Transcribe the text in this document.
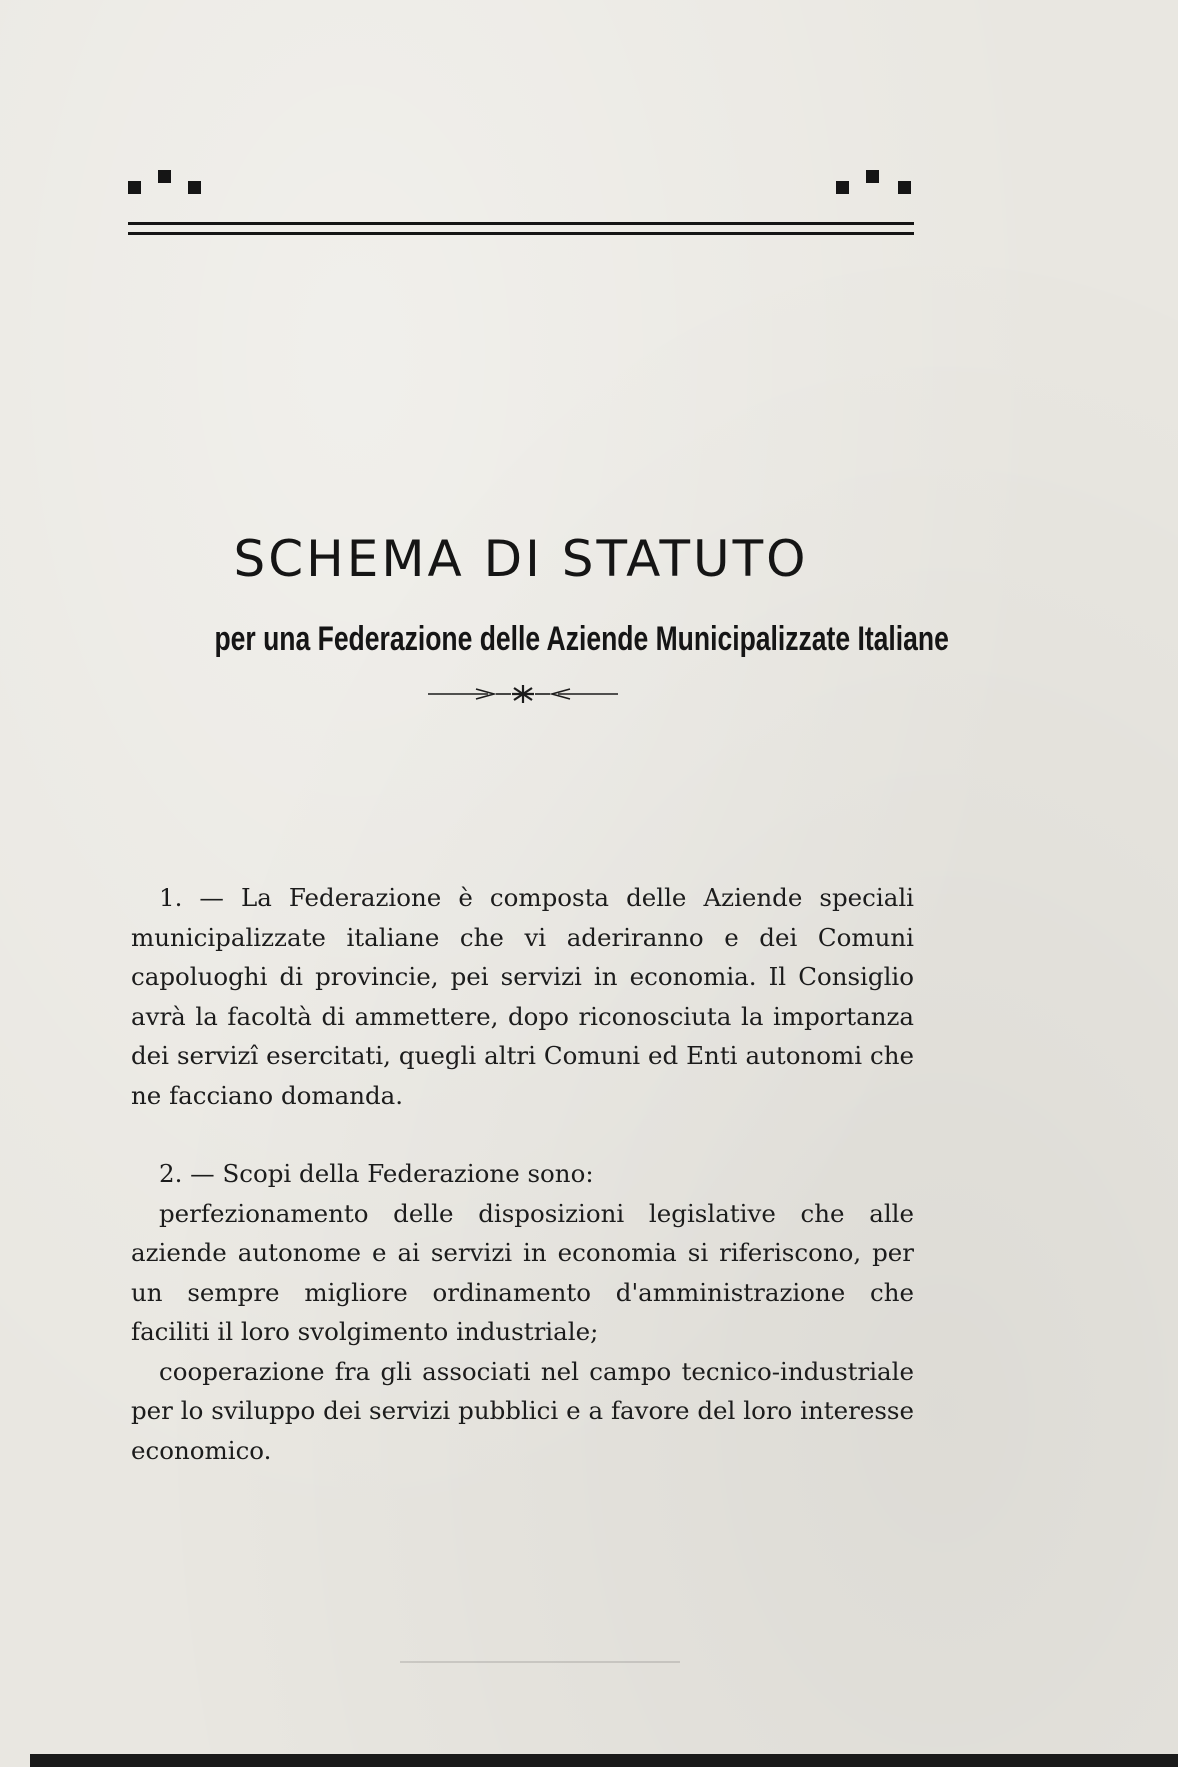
SCHEMA DI STATUTO
per una Federazione delle Aziende Municipalizzate Italiane

1. — La Federazione è composta delle Aziende speciali municipalizzate italiane che vi aderiranno e dei Comuni capoluoghi di provincie, pei servizi in economia. Il Consiglio avrà la facoltà di ammettere, dopo riconosciuta la importanza dei servizî esercitati, quegli altri Comuni ed Enti autonomi che ne facciano domanda.

2. — Scopi della Federazione sono:

perfezionamento delle disposizioni legislative che alle aziende autonome e ai servizi in economia si riferiscono, per un sempre migliore ordinamento d'amministrazione che faciliti il loro svolgimento industriale;

cooperazione fra gli associati nel campo tecnico-industriale per lo sviluppo dei servizi pubblici e a favore del loro interesse economico.
